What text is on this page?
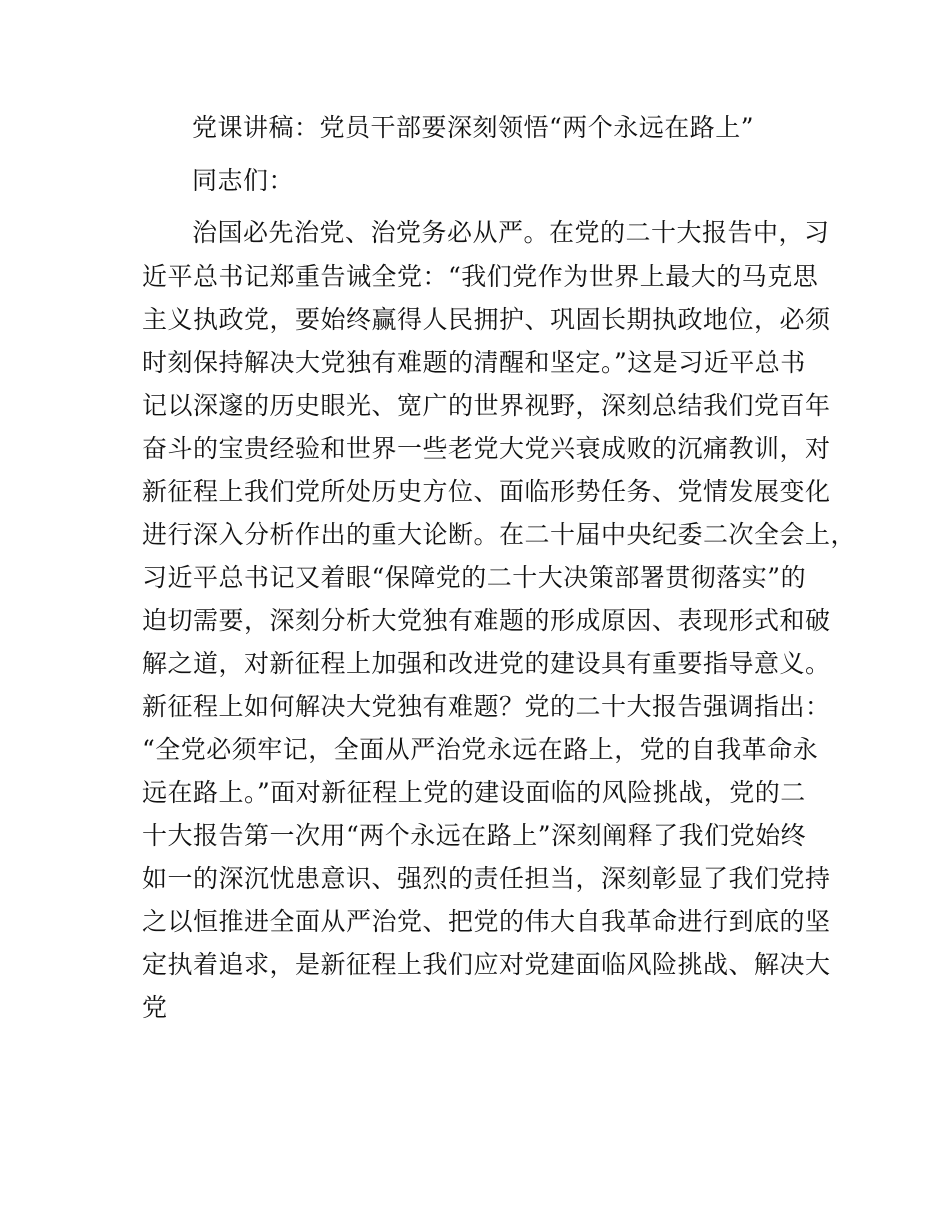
党课讲稿：党员干部要深刻领悟“两个永远在路上”
同志们：
治国必先治党、治党务必从严。在党的二十大报告中，习
近平总书记郑重告诫全党：“我们党作为世界上最大的马克思
主义执政党，要始终赢得人民拥护、巩固长期执政地位，必须
时刻保持解决大党独有难题的清醒和坚定。”这是习近平总书
记以深邃的历史眼光、宽广的世界视野，深刻总结我们党百年
奋斗的宝贵经验和世界一些老党大党兴衰成败的沉痛教训，对
新征程上我们党所处历史方位、面临形势任务、党情发展变化
进行深入分析作出的重大论断。在二十届中央纪委二次全会上，
习近平总书记又着眼“保障党的二十大决策部署贯彻落实”的
迫切需要，深刻分析大党独有难题的形成原因、表现形式和破
解之道，对新征程上加强和改进党的建设具有重要指导意义。
新征程上如何解决大党独有难题？党的二十大报告强调指出：
“全党必须牢记，全面从严治党永远在路上，党的自我革命永
远在路上。”面对新征程上党的建设面临的风险挑战，党的二
十大报告第一次用“两个永远在路上”深刻阐释了我们党始终
如一的深沉忧患意识、强烈的责任担当，深刻彰显了我们党持
之以恒推进全面从严治党、把党的伟大自我革命进行到底的坚
定执着追求，是新征程上我们应对党建面临风险挑战、解决大
党
